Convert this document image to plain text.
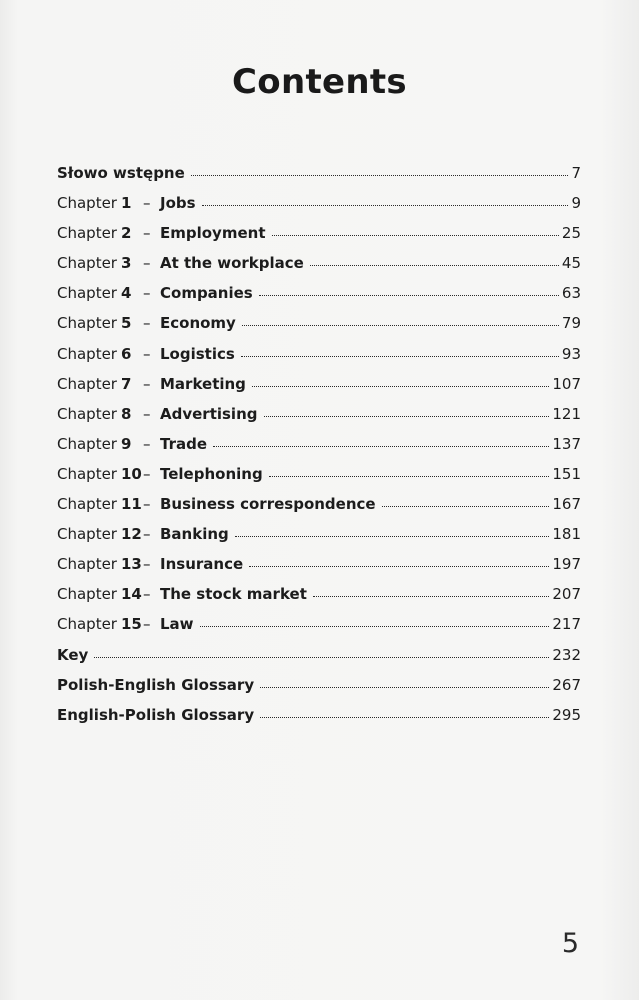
Contents
Słowo wstępne	7
Chapter 1 – Jobs	9
Chapter 2 – Employment	25
Chapter 3 – At the workplace	45
Chapter 4 – Companies	63
Chapter 5 – Economy	79
Chapter 6 – Logistics	93
Chapter 7 – Marketing	107
Chapter 8 – Advertising	121
Chapter 9 – Trade	137
Chapter 10 – Telephoning	151
Chapter 11 – Business correspondence	167
Chapter 12 – Banking	181
Chapter 13 – Insurance	197
Chapter 14 – The stock market	207
Chapter 15 – Law	217
Key	232
Polish-English Glossary	267
English-Polish Glossary	295
5
